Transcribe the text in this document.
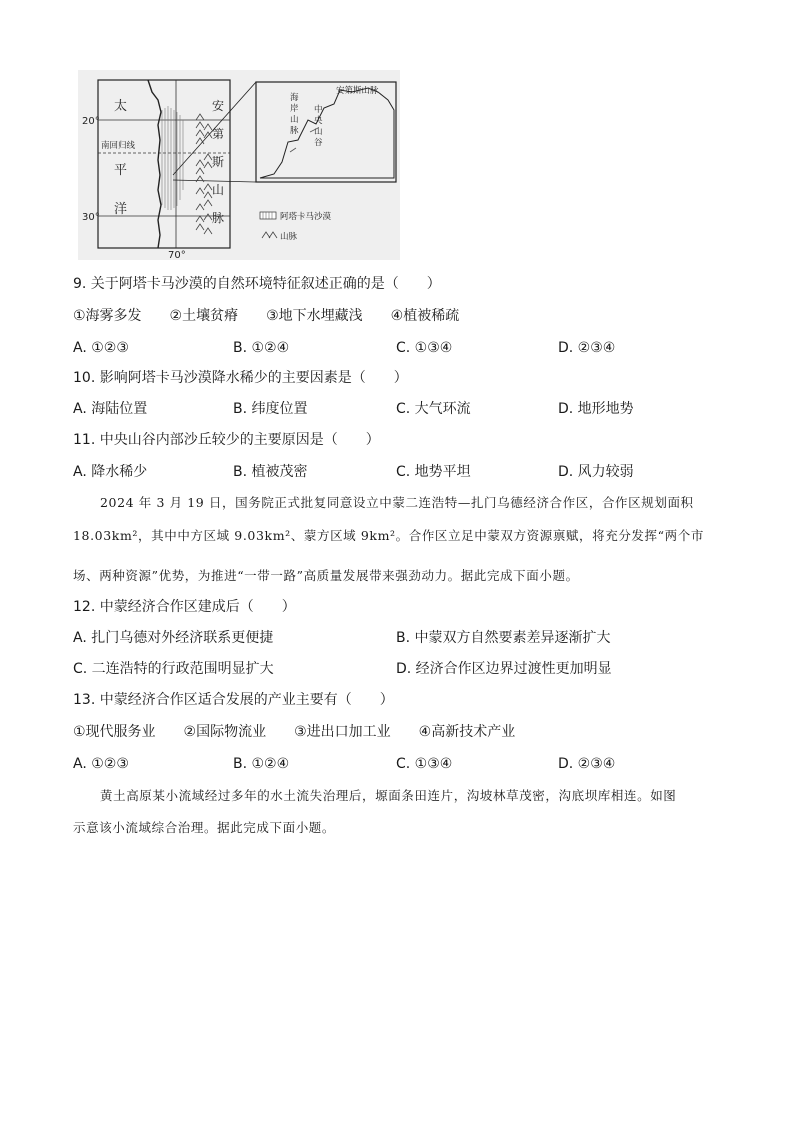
20°
30°
70°
南回归线
太
平
洋
安
第
斯
山
脉
安第斯山脉
海
岸
山
脉
中
央
山
谷
阿塔卡马沙漠
山脉
9. 关于阿塔卡马沙漠的自然环境特征叙述正确的是（　　）
①海雾多发　　②土壤贫瘠　　③地下水埋藏浅　　④植被稀疏
A. ①②③	B. ①②④	C. ①③④	D. ②③④
10. 影响阿塔卡马沙漠降水稀少的主要因素是（　　）
A. 海陆位置	B. 纬度位置	C. 大气环流	D. 地形地势
11. 中央山谷内部沙丘较少的主要原因是（　　）
A. 降水稀少	B. 植被茂密	C. 地势平坦	D. 风力较弱
2024 年 3 月 19 日，国务院正式批复同意设立中蒙二连浩特—扎门乌德经济合作区，合作区规划面积
18.03km²，其中中方区域 9.03km²、蒙方区域 9km²。合作区立足中蒙双方资源禀赋，将充分发挥“两个市
场、两种资源”优势，为推进“一带一路”高质量发展带来强劲动力。据此完成下面小题。
12. 中蒙经济合作区建成后（　　）
A. 扎门乌德对外经济联系更便捷	B. 中蒙双方自然要素差异逐渐扩大
C. 二连浩特的行政范围明显扩大	D. 经济合作区边界过渡性更加明显
13. 中蒙经济合作区适合发展的产业主要有（　　）
①现代服务业　　②国际物流业　　③进出口加工业　　④高新技术产业
A. ①②③	B. ①②④	C. ①③④	D. ②③④
黄土高原某小流域经过多年的水土流失治理后，塬面条田连片，沟坡林草茂密，沟底坝库相连。如图
示意该小流域综合治理。据此完成下面小题。
